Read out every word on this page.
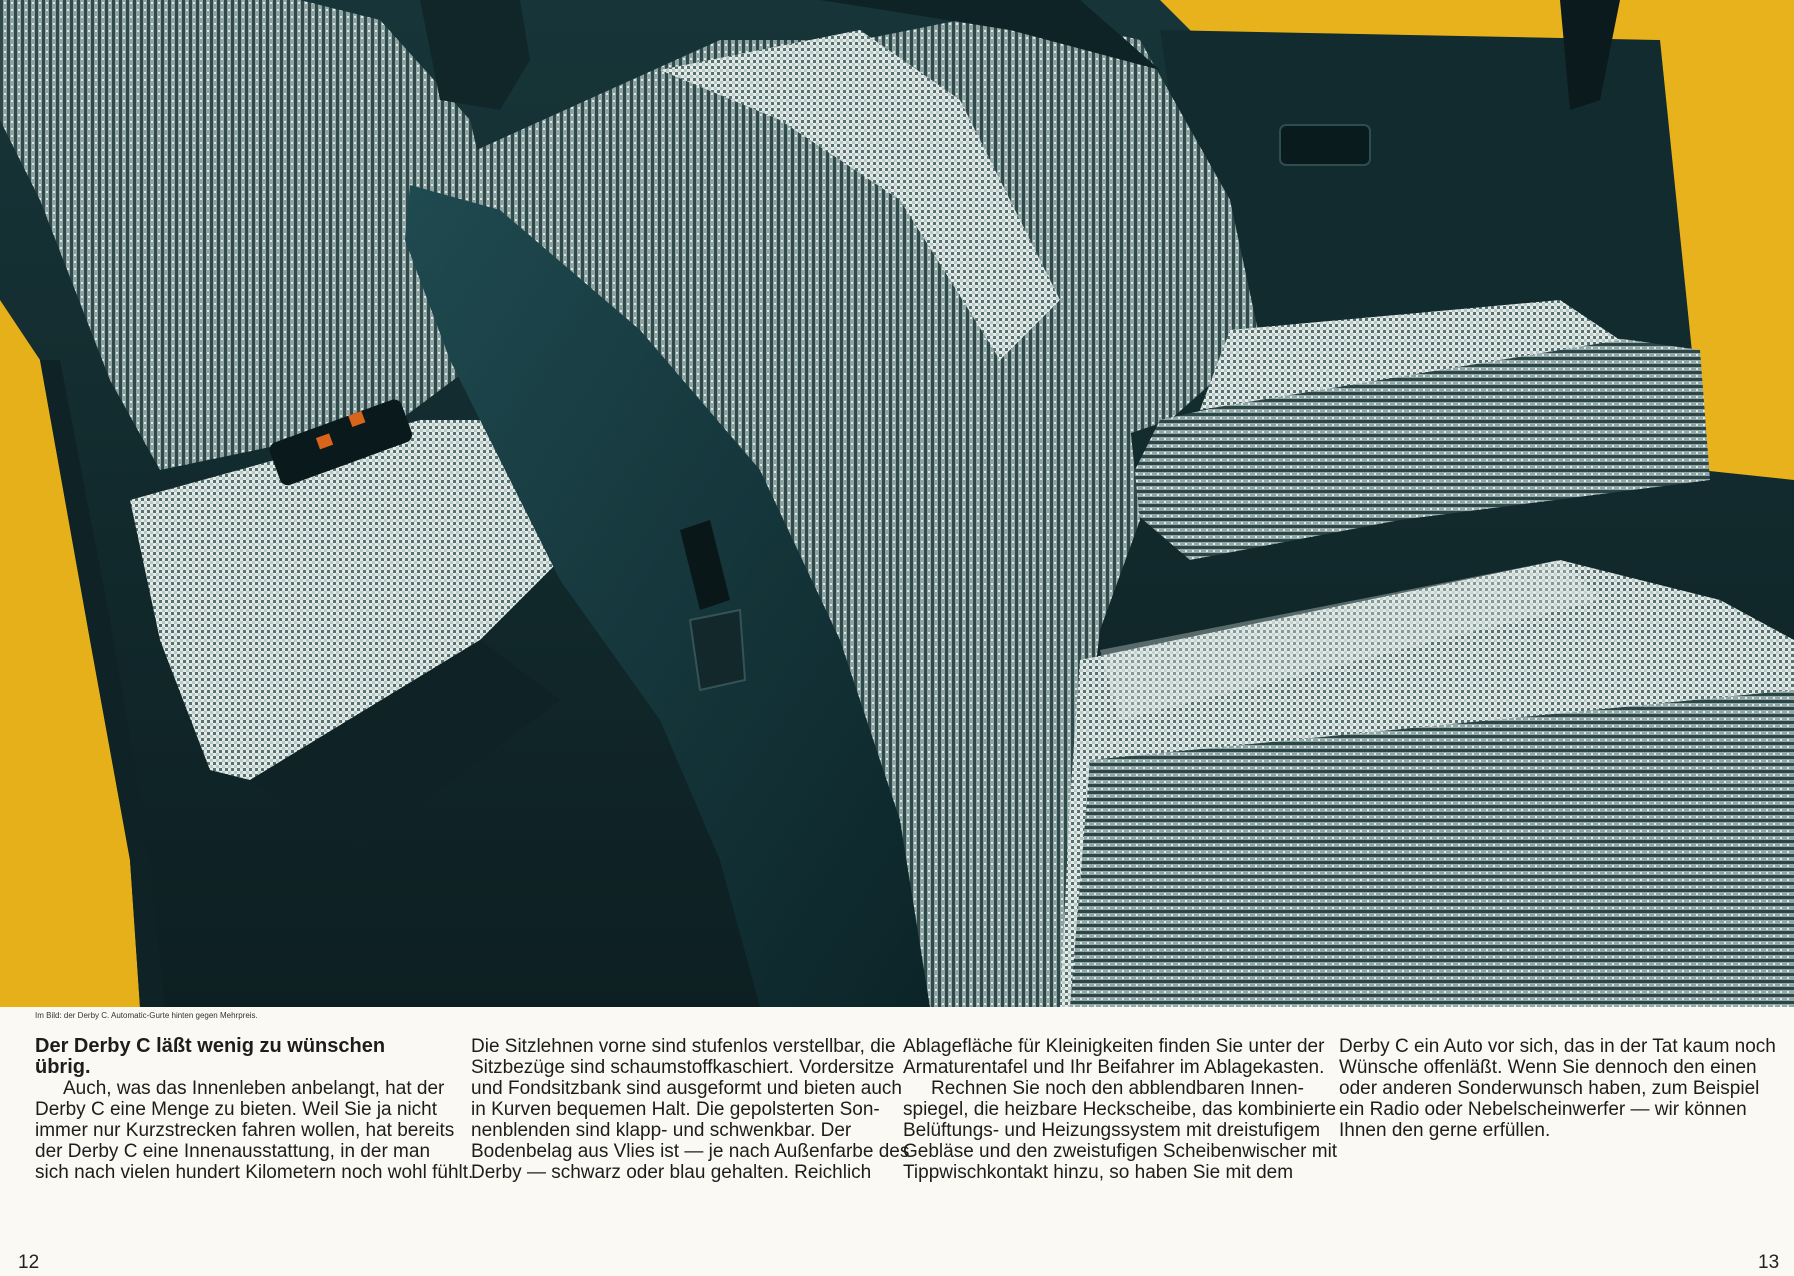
Im Bild: der Derby C. Automatic-Gurte hinten gegen Mehrpreis.
Der Derby C läßt wenig zu wünschen
übrig.
Auch, was das Innenleben anbelangt, hat der
Derby C eine Menge zu bieten. Weil Sie ja nicht
immer nur Kurzstrecken fahren wollen, hat bereits
der Derby C eine Innenausstattung, in der man
sich nach vielen hundert Kilometern noch wohl fühlt.
Die Sitzlehnen vorne sind stufenlos verstellbar, die
Sitzbezüge sind schaumstoffkaschiert. Vordersitze
und Fondsitzbank sind ausgeformt und bieten auch
in Kurven bequemen Halt. Die gepolsterten Son-
nenblenden sind klapp- und schwenkbar. Der
Bodenbelag aus Vlies ist — je nach Außenfarbe des
Derby — schwarz oder blau gehalten. Reichlich
Ablagefläche für Kleinigkeiten finden Sie unter der
Armaturentafel und Ihr Beifahrer im Ablagekasten.
Rechnen Sie noch den abblendbaren Innen-
spiegel, die heizbare Heckscheibe, das kombinierte
Belüftungs- und Heizungssystem mit dreistufigem
Gebläse und den zweistufigen Scheibenwischer mit
Tippwischkontakt hinzu, so haben Sie mit dem
Derby C ein Auto vor sich, das in der Tat kaum noch
Wünsche offenläßt. Wenn Sie dennoch den einen
oder anderen Sonderwunsch haben, zum Beispiel
ein Radio oder Nebelscheinwerfer — wir können
Ihnen den gerne erfüllen.
12	13
